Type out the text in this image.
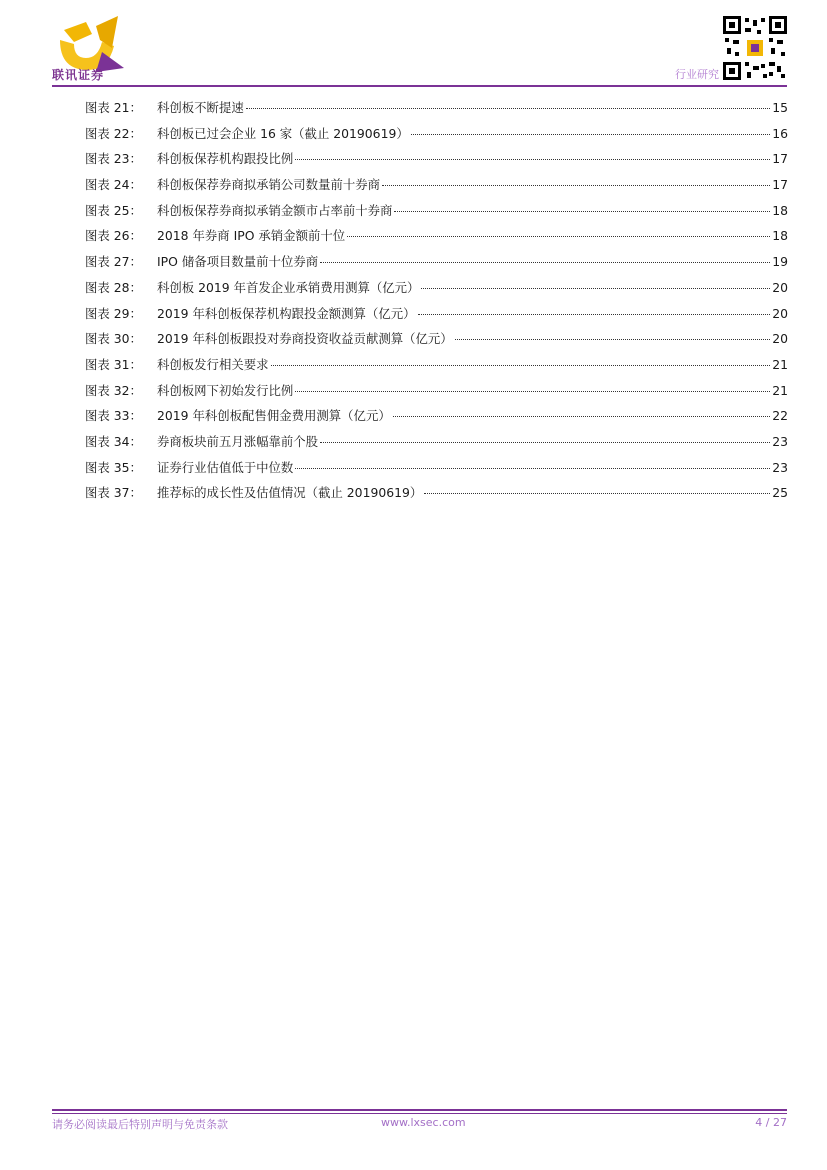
联讯证券	行业研究
图表 21：	科创板不断提速	15
图表 22：	科创板已过会企业 16 家（截止 20190619）	16
图表 23：	科创板保荐机构跟投比例	17
图表 24：	科创板保荐券商拟承销公司数量前十券商	17
图表 25：	科创板保荐券商拟承销金额市占率前十券商	18
图表 26：	2018 年券商 IPO 承销金额前十位	18
图表 27：	IPO 储备项目数量前十位券商	19
图表 28：	科创板 2019 年首发企业承销费用测算（亿元）	20
图表 29：	2019 年科创板保荐机构跟投金额测算（亿元）	20
图表 30：	2019 年科创板跟投对券商投资收益贡献测算（亿元）	20
图表 31：	科创板发行相关要求	21
图表 32：	科创板网下初始发行比例	21
图表 33：	2019 年科创板配售佣金费用测算（亿元）	22
图表 34：	券商板块前五月涨幅靠前个股	23
图表 35：	证券行业估值低于中位数	23
图表 37：	推荐标的成长性及估值情况（截止 20190619）	25
请务必阅读最后特别声明与免责条款	www.lxsec.com	4 / 27
